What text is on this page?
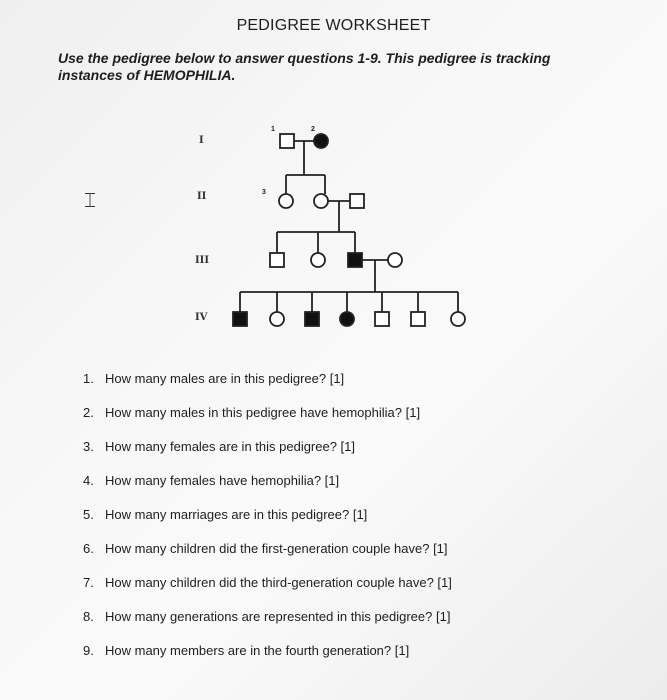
PEDIGREE WORKSHEET
Use the pedigree below to answer questions 1-9. This pedigree is tracking instances of HEMOPHILIA.
⌶
I
II
III
IV
1	2
3
1. How many males are in this pedigree? [1]
2. How many males in this pedigree have hemophilia? [1]
3. How many females are in this pedigree? [1]
4. How many females have hemophilia? [1]
5. How many marriages are in this pedigree? [1]
6. How many children did the first-generation couple have? [1]
7. How many children did the third-generation couple have? [1]
8. How many generations are represented in this pedigree? [1]
9. How many members are in the fourth generation? [1]
